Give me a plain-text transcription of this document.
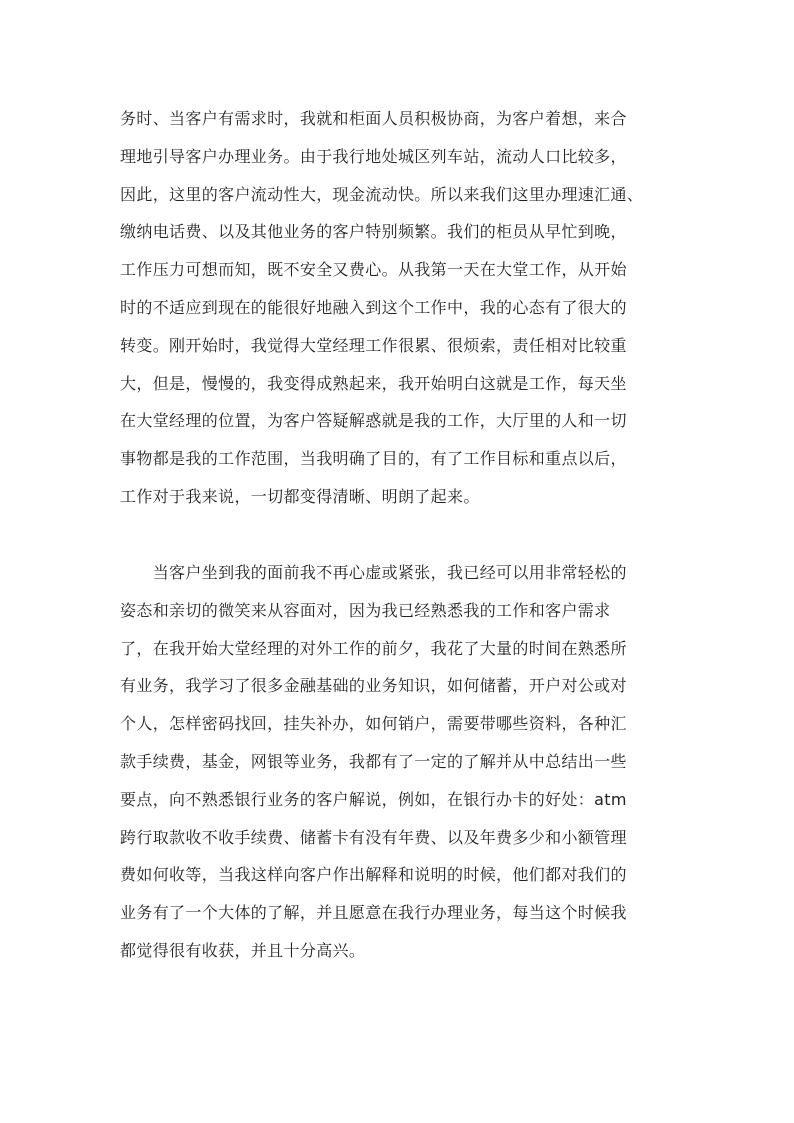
务时、当客户有需求时，我就和柜面人员积极协商，为客户着想，来合
理地引导客户办理业务。由于我行地处城区列车站，流动人口比较多，
因此，这里的客户流动性大，现金流动快。所以来我们这里办理速汇通、
缴纳电话费、以及其他业务的客户特别频繁。我们的柜员从早忙到晚，
工作压力可想而知，既不安全又费心。从我第一天在大堂工作，从开始
时的不适应到现在的能很好地融入到这个工作中，我的心态有了很大的
转变。刚开始时，我觉得大堂经理工作很累、很烦索，责任相对比较重
大，但是，慢慢的，我变得成熟起来，我开始明白这就是工作，每天坐
在大堂经理的位置，为客户答疑解惑就是我的工作，大厅里的人和一切
事物都是我的工作范围，当我明确了目的，有了工作目标和重点以后，
工作对于我来说，一切都变得清晰、明朗了起来。
　　当客户坐到我的面前我不再心虚或紧张，我已经可以用非常轻松的
姿态和亲切的微笑来从容面对，因为我已经熟悉我的工作和客户需求
了，在我开始大堂经理的对外工作的前夕，我花了大量的时间在熟悉所
有业务，我学习了很多金融基础的业务知识，如何储蓄，开户对公或对
个人，怎样密码找回，挂失补办，如何销户，需要带哪些资料，各种汇
款手续费，基金，网银等业务，我都有了一定的了解并从中总结出一些
要点，向不熟悉银行业务的客户解说，例如，在银行办卡的好处：atm
跨行取款收不收手续费、储蓄卡有没有年费、以及年费多少和小额管理
费如何收等，当我这样向客户作出解释和说明的时候，他们都对我们的
业务有了一个大体的了解，并且愿意在我行办理业务，每当这个时候我
都觉得很有收获，并且十分高兴。
